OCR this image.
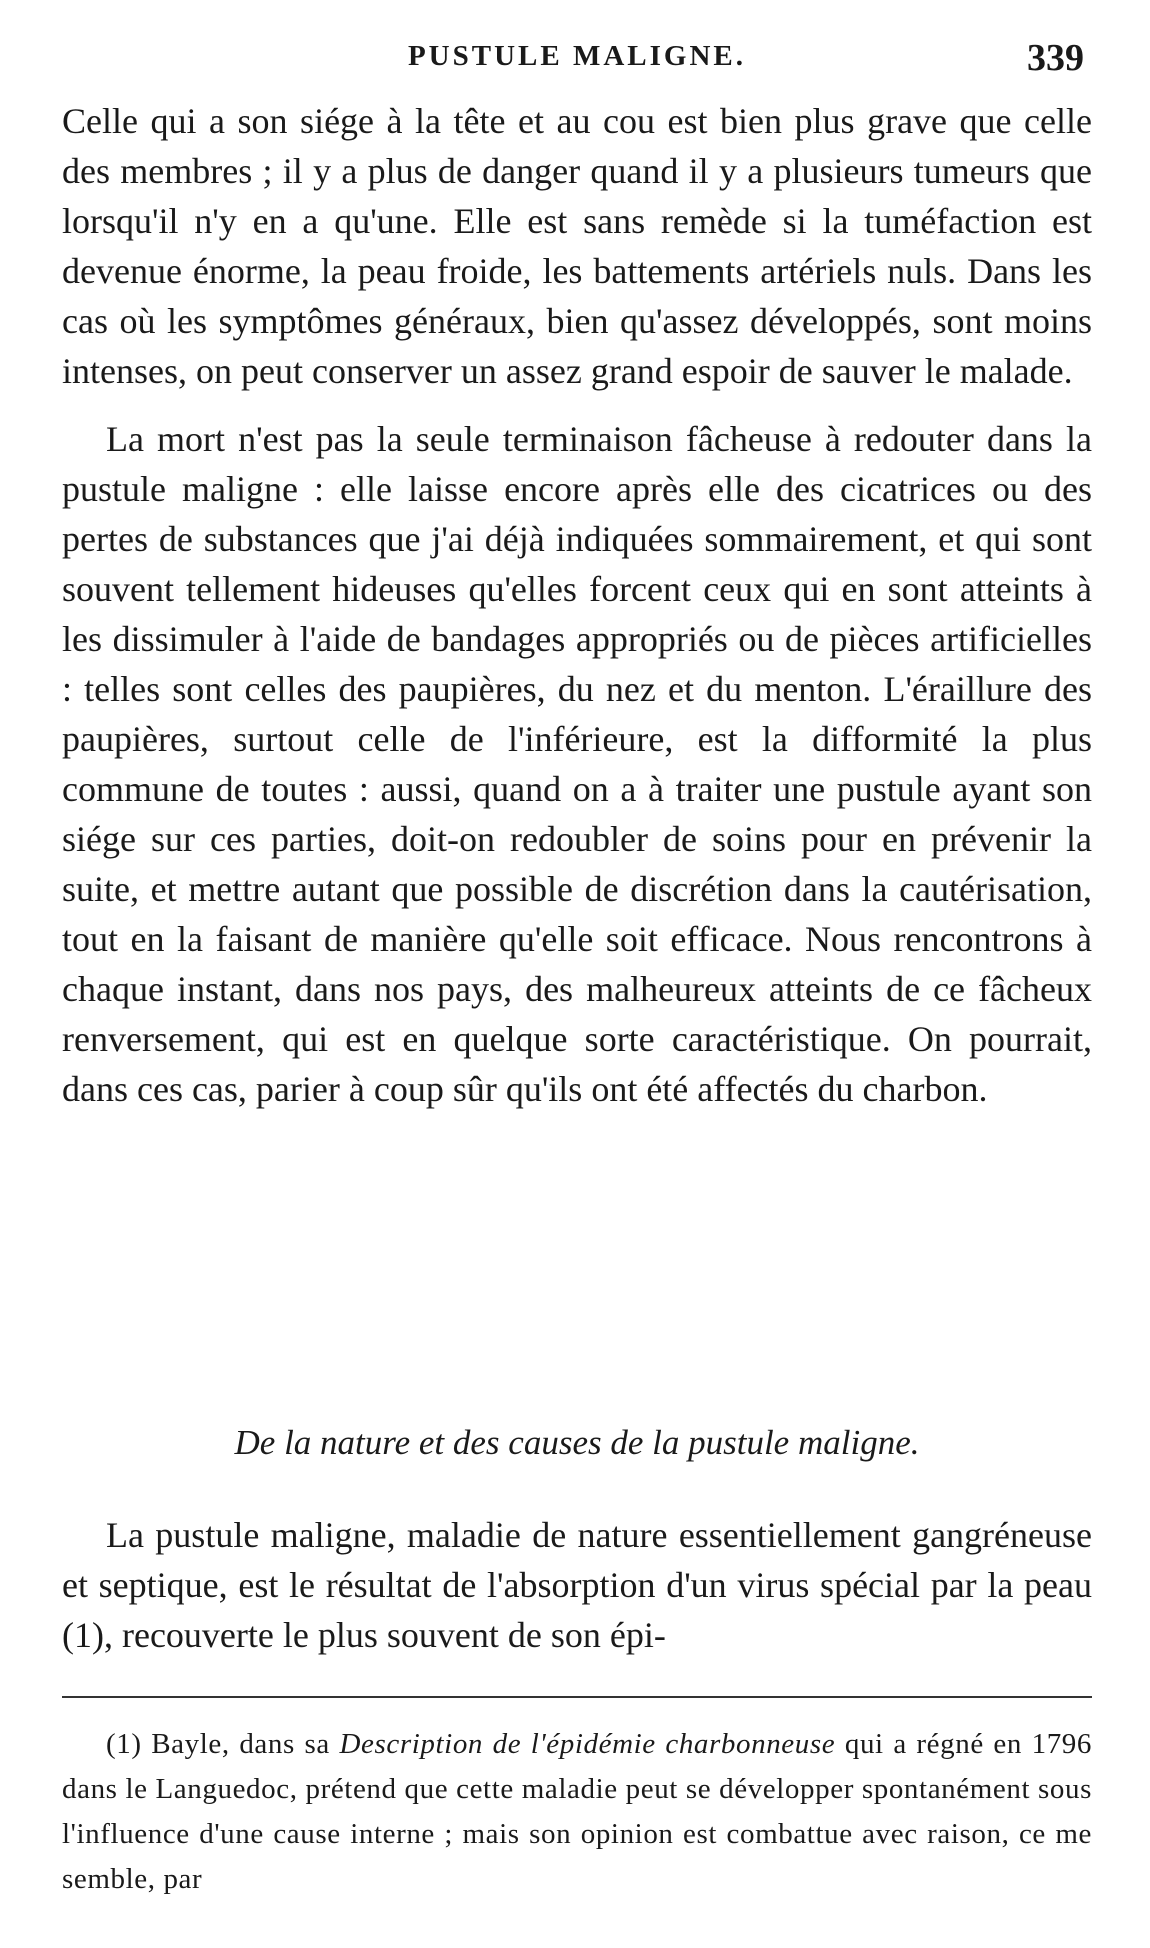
PUSTULE MALIGNE.	339

Celle qui a son siége à la tête et au cou est bien plus grave que celle des membres ; il y a plus de danger quand il y a plusieurs tumeurs que lorsqu'il n'y en a qu'une. Elle est sans remède si la tuméfaction est devenue énorme, la peau froide, les battements artériels nuls. Dans les cas où les symptômes généraux, bien qu'assez développés, sont moins intenses, on peut conserver un assez grand espoir de sauver le malade.

La mort n'est pas la seule terminaison fâcheuse à redouter dans la pustule maligne : elle laisse encore après elle des cicatrices ou des pertes de substances que j'ai déjà indiquées sommairement, et qui sont souvent tellement hideuses qu'elles forcent ceux qui en sont atteints à les dissimuler à l'aide de bandages appropriés ou de pièces artificielles : telles sont celles des paupières, du nez et du menton. L'éraillure des paupières, surtout celle de l'inférieure, est la difformité la plus commune de toutes : aussi, quand on a à traiter une pustule ayant son siége sur ces parties, doit-on redoubler de soins pour en prévenir la suite, et mettre autant que possible de discrétion dans la cautérisation, tout en la faisant de manière qu'elle soit efficace. Nous rencontrons à chaque instant, dans nos pays, des malheureux atteints de ce fâcheux renversement, qui est en quelque sorte caractéristique. On pourrait, dans ces cas, parier à coup sûr qu'ils ont été affectés du charbon.

De la nature et des causes de la pustule maligne.

La pustule maligne, maladie de nature essentiellement gangréneuse et septique, est le résultat de l'absorption d'un virus spécial par la peau (1), recouverte le plus souvent de son épi-

(1) Bayle, dans sa Description de l'épidémie charbonneuse qui a régné en 1796 dans le Languedoc, prétend que cette maladie peut se développer spontanément sous l'influence d'une cause interne ; mais son opinion est combattue avec raison, ce me semble, par
